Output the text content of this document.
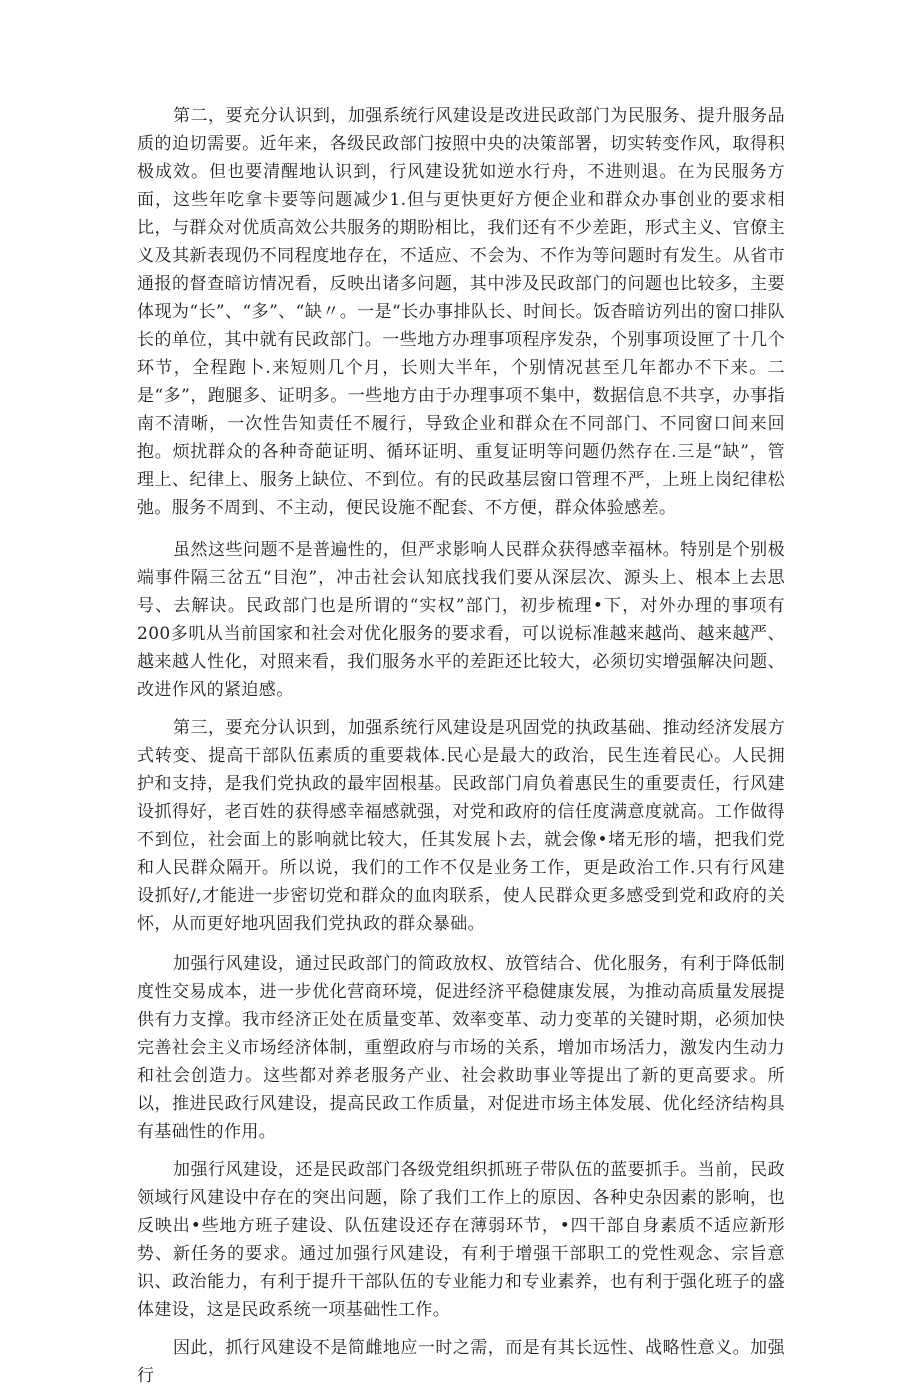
第二，要充分认识到，加强系统行风建设是改进民政部门为民服务、提升服务品质的迫切需要。近年来，各级民政部门按照中央的决策部署，切实转变作风，取得积极成效。但也要清醒地认识到，行风建设犹如逆水行舟，不进则退。在为民服务方面，这些年吃拿卡要等问题减少1.但与更快更好方便企业和群众办事创业的要求相比，与群众对优质高效公共服务的期盼相比，我们还有不少差距，形式主义、官僚主义及其新表现仍不同程度地存在，不适应、不会为、不作为等问题时有发生。从省市通报的督查暗访情况看，反映出诸多问题，其中涉及民政部门的问题也比较多，主要体现为“长”、“多”、“缺〃。一是“长办事排队长、时间长。饭杳暗访列出的窗口排队长的单位，其中就有民政部门。一些地方办理事项程序发杂，个别事项设匣了十几个环节，全程跑卜.来短则几个月，长则大半年，个别情况甚至几年都办不下来。二是“多”，跑腿多、证明多。一些地方由于办理事项不集中，数据信息不共享，办事指南不清晰，一次性告知责任不履行，导致企业和群众在不同部门、不同窗口间来回抱。烦扰群众的各种奇葩证明、循环证明、重复证明等问题仍然存在.三是“缺”，管理上、纪律上、服务上缺位、不到位。有的民政基层窗口管理不严，上班上岗纪律松弛。服务不周到、不主动，便民设施不配套、不方便，群众体验感差。

虽然这些问题不是普遍性的，但严求影响人民群众获得感幸福林。特别是个别极端事件隔三岔五“目泡”，冲击社会认知底找我们要从深层次、源头上、根本上去思号、去解诀。民政部门也是所谓的“实权”部门，初步梳理•下，对外办理的事项有200多叽从当前国家和社会对优化服务的要求看，可以说标准越来越尚、越来越严、越来越人性化，对照来看，我们服务水平的差距还比较大，必须切实增强解决问题、改进作风的紧迫感。

第三，要充分认识到，加强系统行风建设是巩固党的执政基础、推动经济发展方式转变、提高干部队伍素质的重要栽体.民心是最大的政治，民生连着民心。人民拥护和支持，是我们党执政的最牢固根基。民政部门肩负着惠民生的重要责任，行风建设抓得好，老百姓的获得感幸福感就强，对党和政府的信任度满意度就高。工作做得不到位，社会面上的影响就比较大，任其发展卜去，就会像•堵无形的墙，把我们党和人民群众隔开。所以说，我们的工作不仅是业务工作，更是政治工作.只有行风建设抓好/,才能进一步密切党和群众的血肉联系，使人民群众更多感受到党和政府的关怀，从而更好地巩固我们党执政的群众暴础。

加强行风建设，通过民政部门的简政放权、放管结合、优化服务，有利于降低制度性交易成本，进一步优化营商环境，促进经济平稳健康发展，为推动高质量发展提供有力支撑。我市经济正处在质量变革、效率变革、动力变革的关键时期，必须加快完善社会主义市场经济体制，重塑政府与市场的关系，增加市场活力，激发内生动力和社会创造力。这些都对养老服务产业、社会救助事业等提出了新的更高要求。所以，推进民政行风建设，提高民政工作质量，对促进市场主体发展、优化经济结构具有基础性的作用。

加强行风建设，还是民政部门各级党组织抓班子带队伍的蓝要抓手。当前，民政领域行风建设中存在的突出问题，除了我们工作上的原因、各种史杂因素的影响，也反映出•些地方班子建设、队伍建设还存在薄弱环节，•四干部自身素质不适应新形势、新任务的要求。通过加强行风建设，有利于增强干部职工的党性观念、宗旨意识、政治能力，有利于提升干部队伍的专业能力和专业素养，也有利于强化班子的盛体建设，这是民政系统一项基础性工作。

因此，抓行风建设不是简雌地应一时之需，而是有其长远性、战略性意义。加强行
